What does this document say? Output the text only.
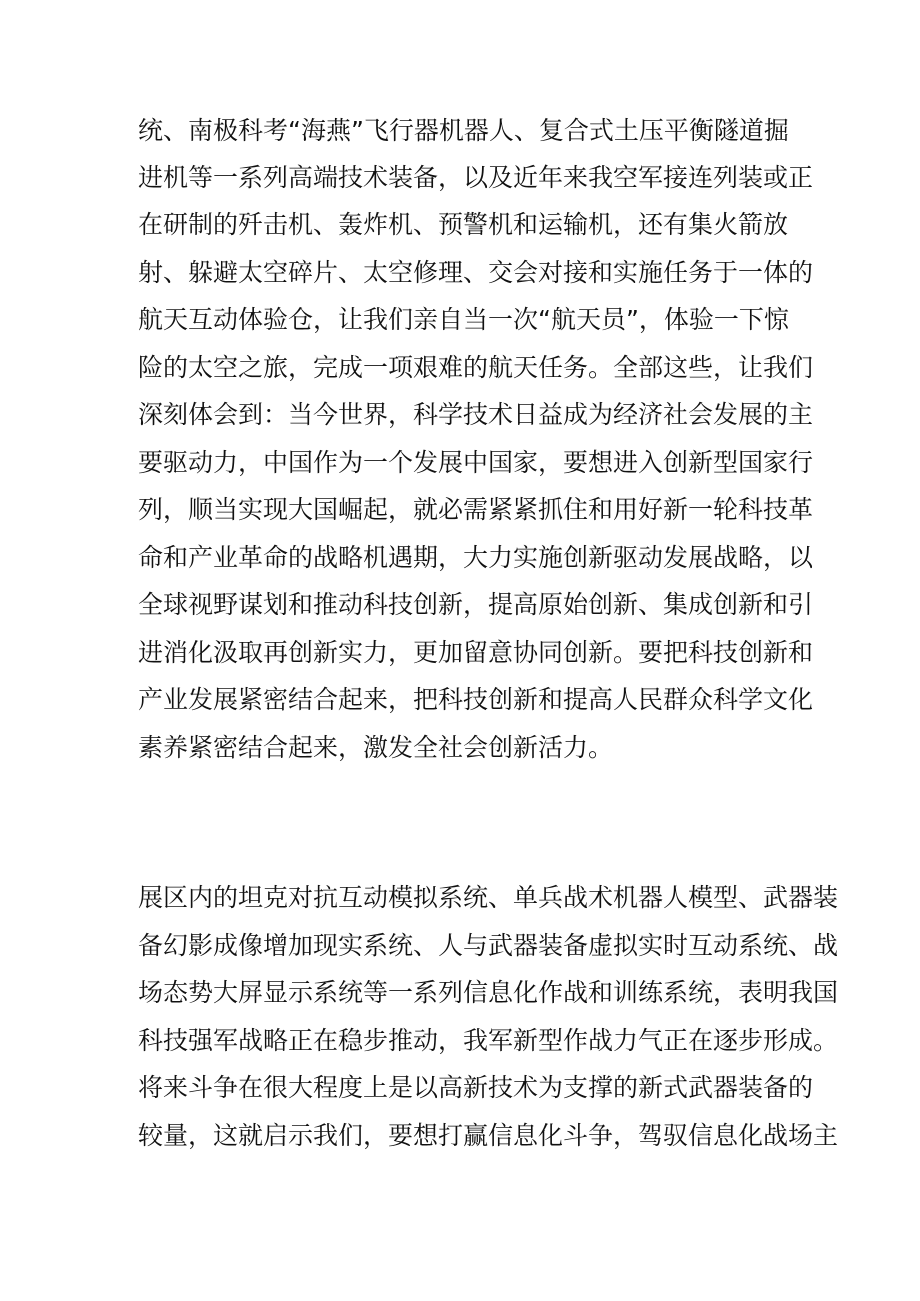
统、南极科考“海燕”飞行器机器人、复合式土压平衡隧道掘
进机等一系列高端技术装备，以及近年来我空军接连列装或正
在研制的歼击机、轰炸机、预警机和运输机，还有集火箭放
射、躲避太空碎片、太空修理、交会对接和实施任务于一体的
航天互动体验仓，让我们亲自当一次“航天员”，体验一下惊
险的太空之旅，完成一项艰难的航天任务。全部这些，让我们
深刻体会到：当今世界，科学技术日益成为经济社会发展的主
要驱动力，中国作为一个发展中国家，要想进入创新型国家行
列，顺当实现大国崛起，就必需紧紧抓住和用好新一轮科技革
命和产业革命的战略机遇期，大力实施创新驱动发展战略，以
全球视野谋划和推动科技创新，提高原始创新、集成创新和引
进消化汲取再创新实力，更加留意协同创新。要把科技创新和
产业发展紧密结合起来，把科技创新和提高人民群众科学文化
素养紧密结合起来，激发全社会创新活力。
展区内的坦克对抗互动模拟系统、单兵战术机器人模型、武器装
备幻影成像增加现实系统、人与武器装备虚拟实时互动系统、战
场态势大屏显示系统等一系列信息化作战和训练系统，表明我国
科技强军战略正在稳步推动，我军新型作战力气正在逐步形成。
将来斗争在很大程度上是以高新技术为支撑的新式武器装备的
较量，这就启示我们，要想打赢信息化斗争，驾驭信息化战场主
